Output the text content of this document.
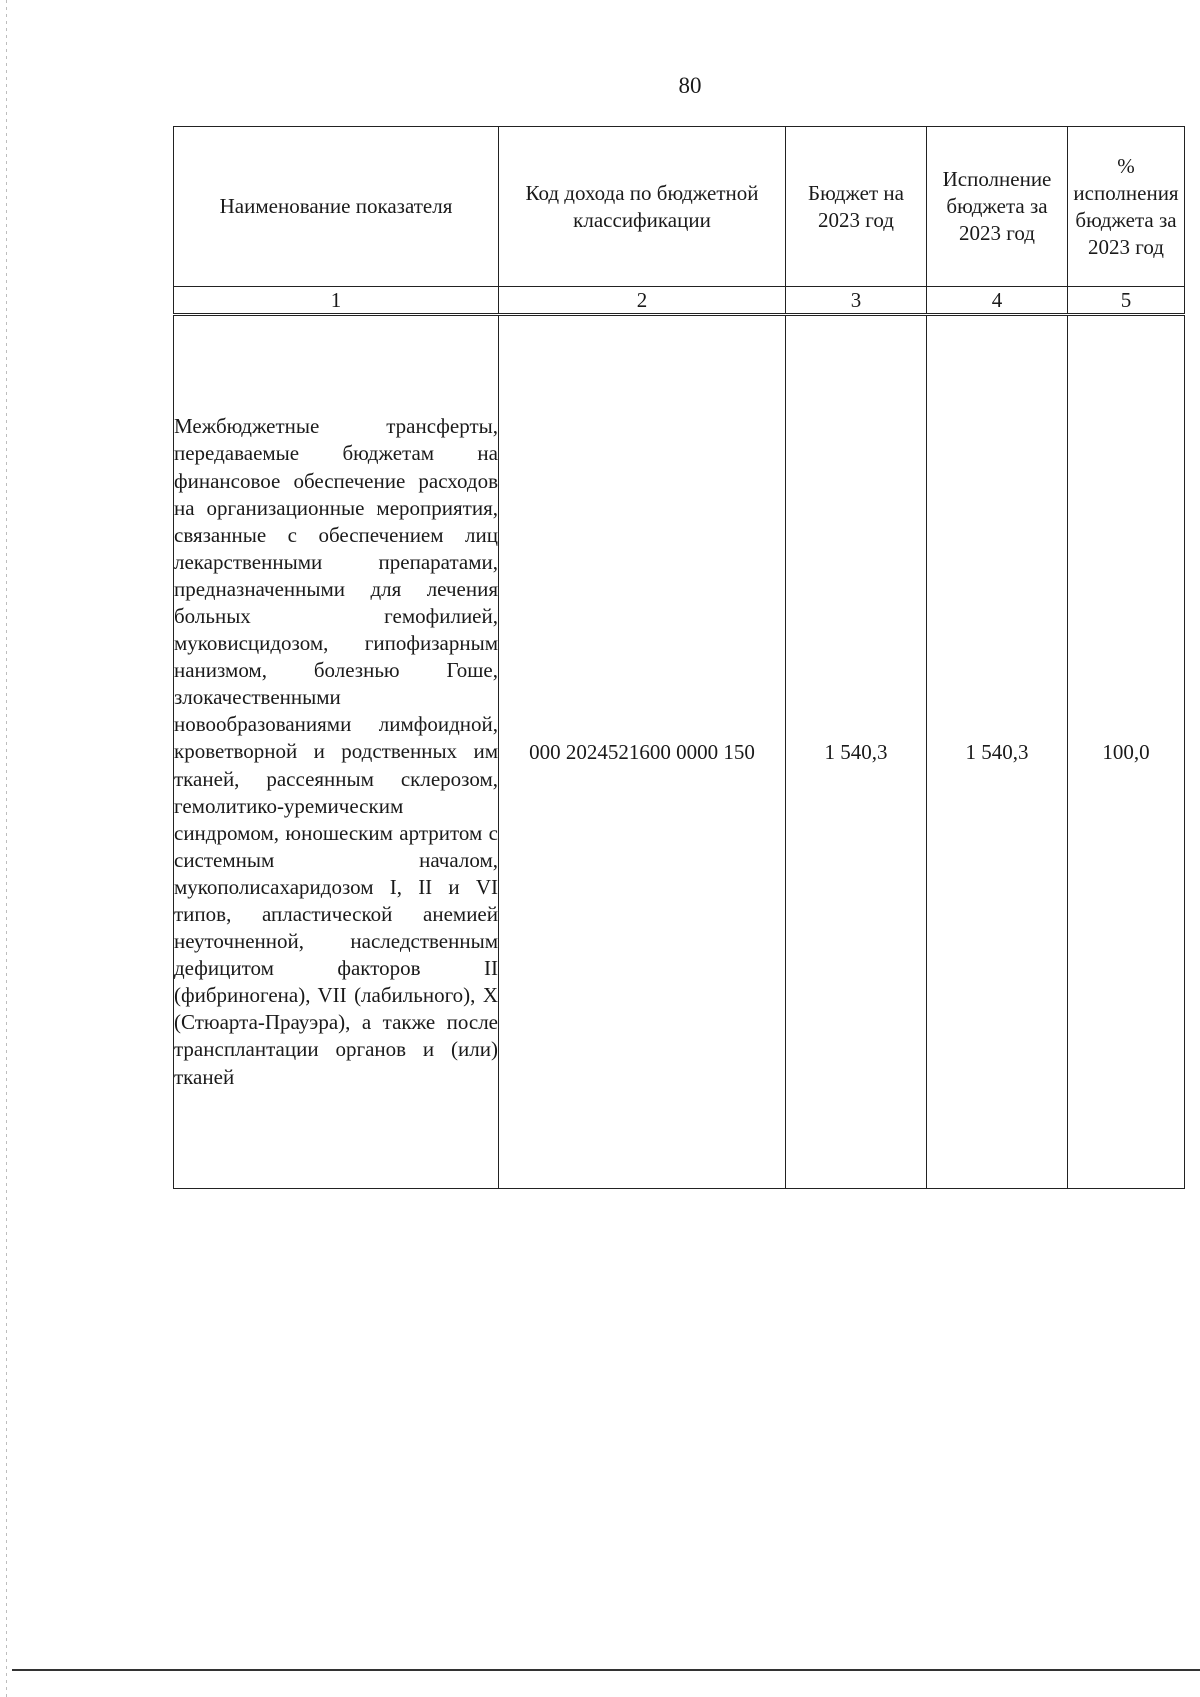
80
Наименование показателя	Код дохода по бюджетной классификации	Бюджет на 2023 год	Исполнение бюджета за 2023 год	% исполнения бюджета за 2023 год
1	2	3	4	5

Межбюджетные трансферты, передаваемые бюджетам на финансовое обеспечение расходов на организационные мероприятия, связанные с обеспечением лиц лекарственными препаратами, предназначенными для лечения больных гемофилией, муковисцидозом, гипофизарным нанизмом, болезнью Гоше, злокачественными новообразованиями лимфоидной, кроветворной и родственных им тканей, рассеянным склерозом, гемолитико-уремическим синдромом, юношеским артритом с системным началом, мукополисахаридозом I, II и VI типов, апластической анемией неуточненной, наследственным дефицитом факторов II (фибриногена), VII (лабильного), X (Стюарта-Прауэра), а также после трансплантации органов и (или) тканей	000 2024521600 0000 150	1 540,3	1 540,3	100,0
